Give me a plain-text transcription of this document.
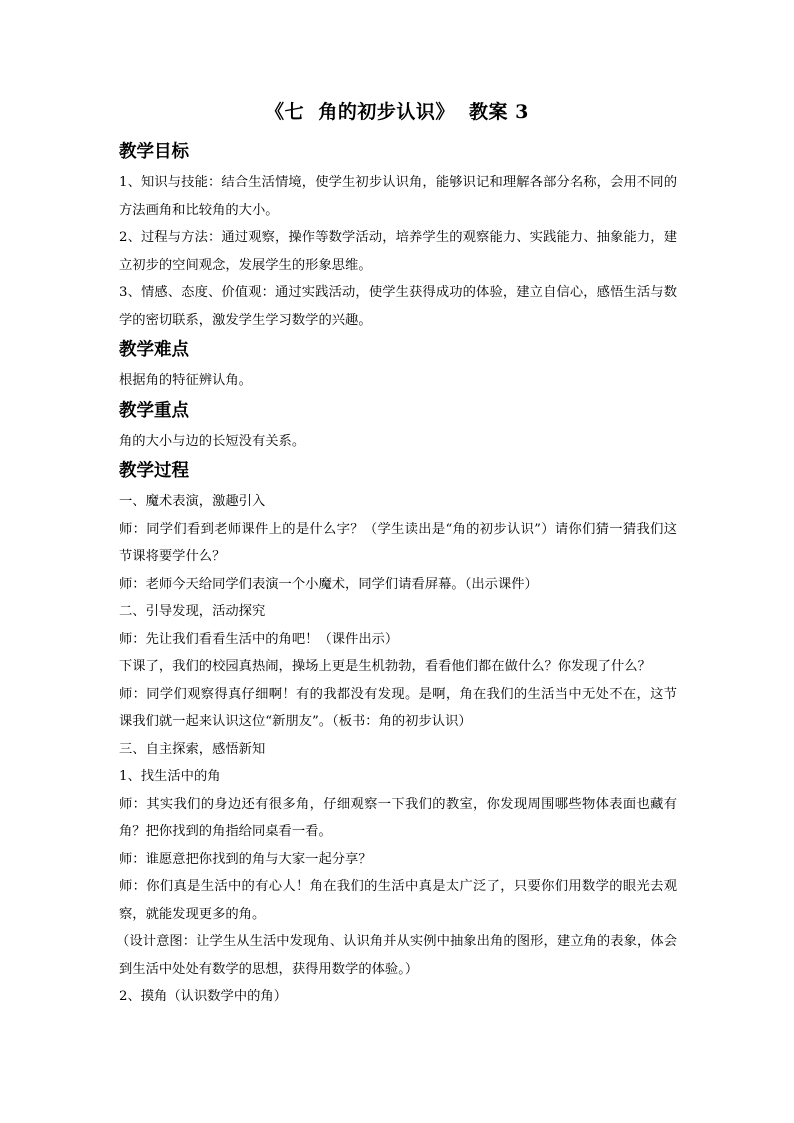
《七  角的初步认识》  教案 3
教学目标

1、知识与技能：结合生活情境，使学生初步认识角，能够识记和理解各部分名称，会用不同的方法画角和比较角的大小。

2、过程与方法：通过观察，操作等数学活动，培养学生的观察能力、实践能力、抽象能力，建立初步的空间观念，发展学生的形象思维。

3、情感、态度、价值观：通过实践活动，使学生获得成功的体验，建立自信心，感悟生活与数学的密切联系，激发学生学习数学的兴趣。

教学难点

根据角的特征辨认角。

教学重点

角的大小与边的长短没有关系。

教学过程

一、魔术表演，激趣引入

师：同学们看到老师课件上的是什么字？（学生读出是“角的初步认识”）请你们猜一猜我们这节课将要学什么？

师：老师今天给同学们表演一个小魔术，同学们请看屏幕。（出示课件）

二、引导发现，活动探究

师：先让我们看看生活中的角吧！（课件出示）

下课了，我们的校园真热闹，操场上更是生机勃勃，看看他们都在做什么？你发现了什么？

师：同学们观察得真仔细啊！有的我都没有发现。是啊，角在我们的生活当中无处不在，这节课我们就一起来认识这位“新朋友”。（板书：角的初步认识）

三、自主探索，感悟新知

1、找生活中的角

师：其实我们的身边还有很多角，仔细观察一下我们的教室，你发现周围哪些物体表面也藏有角？把你找到的角指给同桌看一看。

师：谁愿意把你找到的角与大家一起分享？

师：你们真是生活中的有心人！角在我们的生活中真是太广泛了，只要你们用数学的眼光去观察，就能发现更多的角。

（设计意图：让学生从生活中发现角、认识角并从实例中抽象出角的图形，建立角的表象，体会到生活中处处有数学的思想，获得用数学的体验。）

2、摸角（认识数学中的角）
